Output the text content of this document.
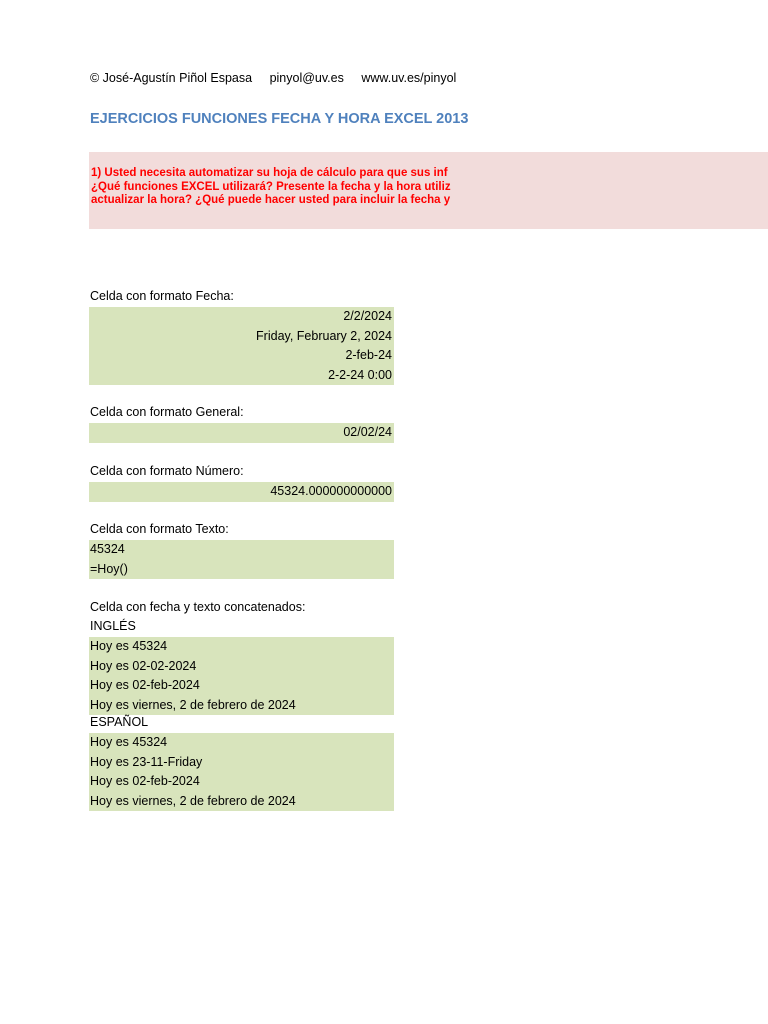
© José-Agustín Piñol Espasa pinyol@uv.es www.uv.es/pinyol
EJERCICIOS FUNCIONES FECHA Y HORA EXCEL 2013
1) Usted necesita automatizar su hoja de cálculo para que sus inf
¿Qué funciones EXCEL utilizará? Presente la fecha y la hora utiliz
actualizar la hora? ¿Qué puede hacer usted para incluir la fecha y
Celda con formato Fecha:
2/2/2024
Friday, February 2, 2024
2-feb-24
2-2-24 0:00
Celda con formato General:
02/02/24
Celda con formato Número:
45324.000000000000
Celda con formato Texto:
45324
=Hoy()
Celda con fecha y texto concatenados:
INGLÉS
Hoy es 45324
Hoy es 02-02-2024
Hoy es 02-feb-2024
Hoy es viernes, 2 de febrero de 2024
ESPAÑOL
Hoy es 45324
Hoy es 23-11-Friday
Hoy es 02-feb-2024
Hoy es viernes, 2 de febrero de 2024
